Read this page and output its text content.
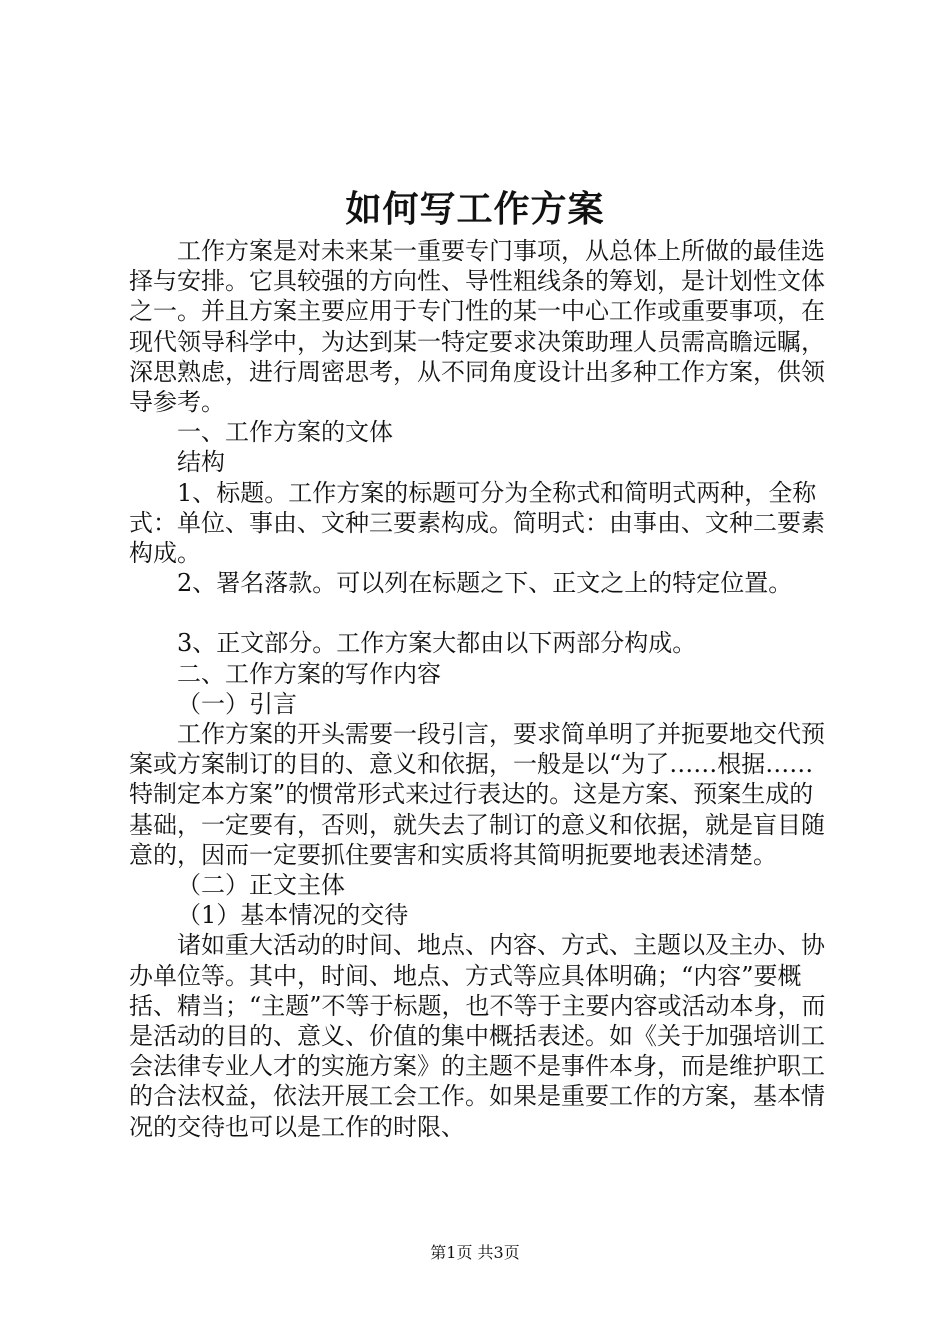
如何写工作方案

工作方案是对未来某一重要专门事项，从总体上所做的最佳选择与安排。它具较强的方向性、导性粗线条的筹划，是计划性文体之一。并且方案主要应用于专门性的某一中心工作或重要事项，在现代领导科学中，为达到某一特定要求决策助理人员需高瞻远瞩，深思熟虑，进行周密思考，从不同角度设计出多种工作方案，供领导参考。

一、工作方案的文体

结构

1、标题。工作方案的标题可分为全称式和简明式两种，全称式：单位、事由、文种三要素构成。简明式：由事由、文种二要素构成。

2、署名落款。可以列在标题之下、正文之上的特定位置。

3、正文部分。工作方案大都由以下两部分构成。

二、工作方案的写作内容

（一）引言

工作方案的开头需要一段引言，要求简单明了并扼要地交代预案或方案制订的目的、意义和依据，一般是以“为了……根据……特制定本方案”的惯常形式来过行表达的。这是方案、预案生成的基础，一定要有，否则，就失去了制订的意义和依据，就是盲目随意的，因而一定要抓住要害和实质将其简明扼要地表述清楚。

（二）正文主体

（1）基本情况的交待

诸如重大活动的时间、地点、内容、方式、主题以及主办、协办单位等。其中，时间、地点、方式等应具体明确；“内容”要概括、精当；“主题”不等于标题，也不等于主要内容或活动本身，而是活动的目的、意义、价值的集中概括表述。如《关于加强培训工会法律专业人才的实施方案》的主题不是事件本身，而是维护职工的合法权益，依法开展工会工作。如果是重要工作的方案，基本情况的交待也可以是工作的时限、

第1页 共3页
